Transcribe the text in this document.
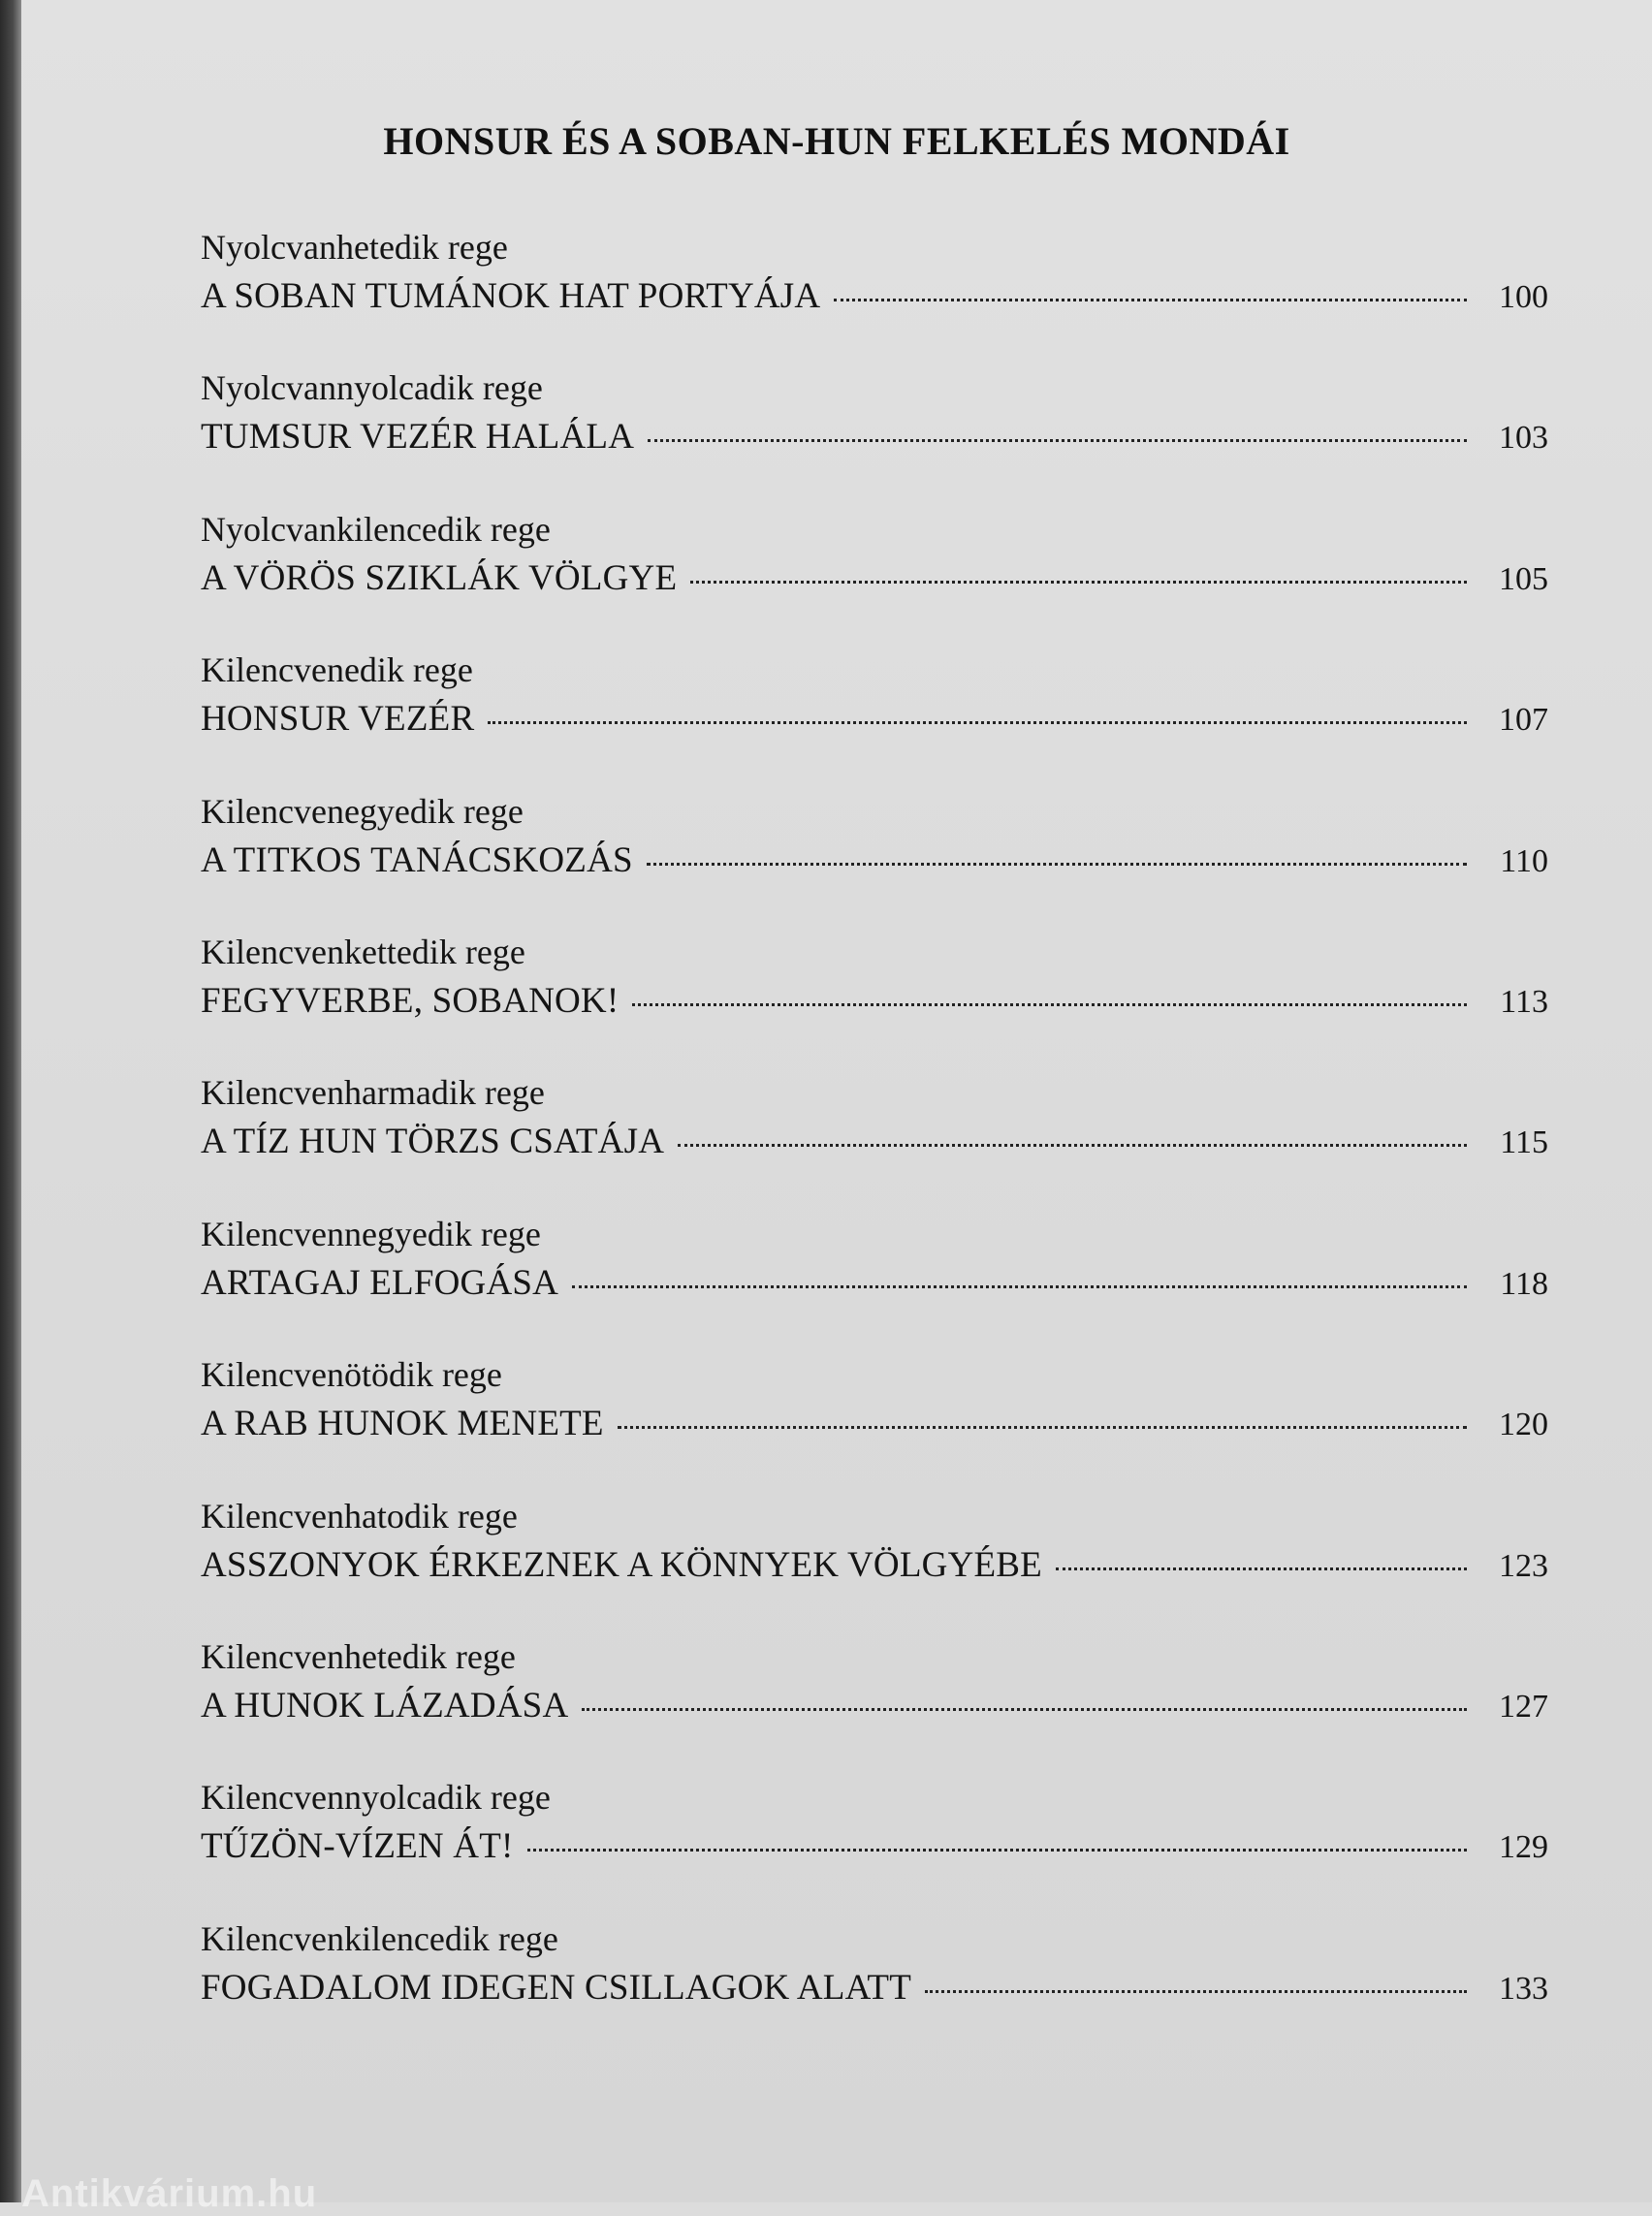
HONSUR ÉS A SOBAN-HUN FELKELÉS MONDÁI
Nyolcvanhetedik rege
A SOBAN TUMÁNOK HAT PORTYÁJA	100
Nyolcvannyolcadik rege
TUMSUR VEZÉR HALÁLA	103
Nyolcvankilencedik rege
A VÖRÖS SZIKLÁK VÖLGYE	105
Kilencvenedik rege
HONSUR VEZÉR	107
Kilencvenegyedik rege
A TITKOS TANÁCSKOZÁS	110
Kilencvenkettedik rege
FEGYVERBE, SOBANOK!	113
Kilencvenharmadik rege
A TÍZ HUN TÖRZS CSATÁJA	115
Kilencvennegyedik rege
ARTAGAJ ELFOGÁSA	118
Kilencvenötödik rege
A RAB HUNOK MENETE	120
Kilencvenhatodik rege
ASSZONYOK ÉRKEZNEK A KÖNNYEK VÖLGYÉBE	123
Kilencvenhetedik rege
A HUNOK LÁZADÁSA	127
Kilencvennyolcadik rege
TŰZÖN-VÍZEN ÁT!	129
Kilencvenkilencedik rege
FOGADALOM IDEGEN CSILLAGOK ALATT	133
Antikvárium.hu
